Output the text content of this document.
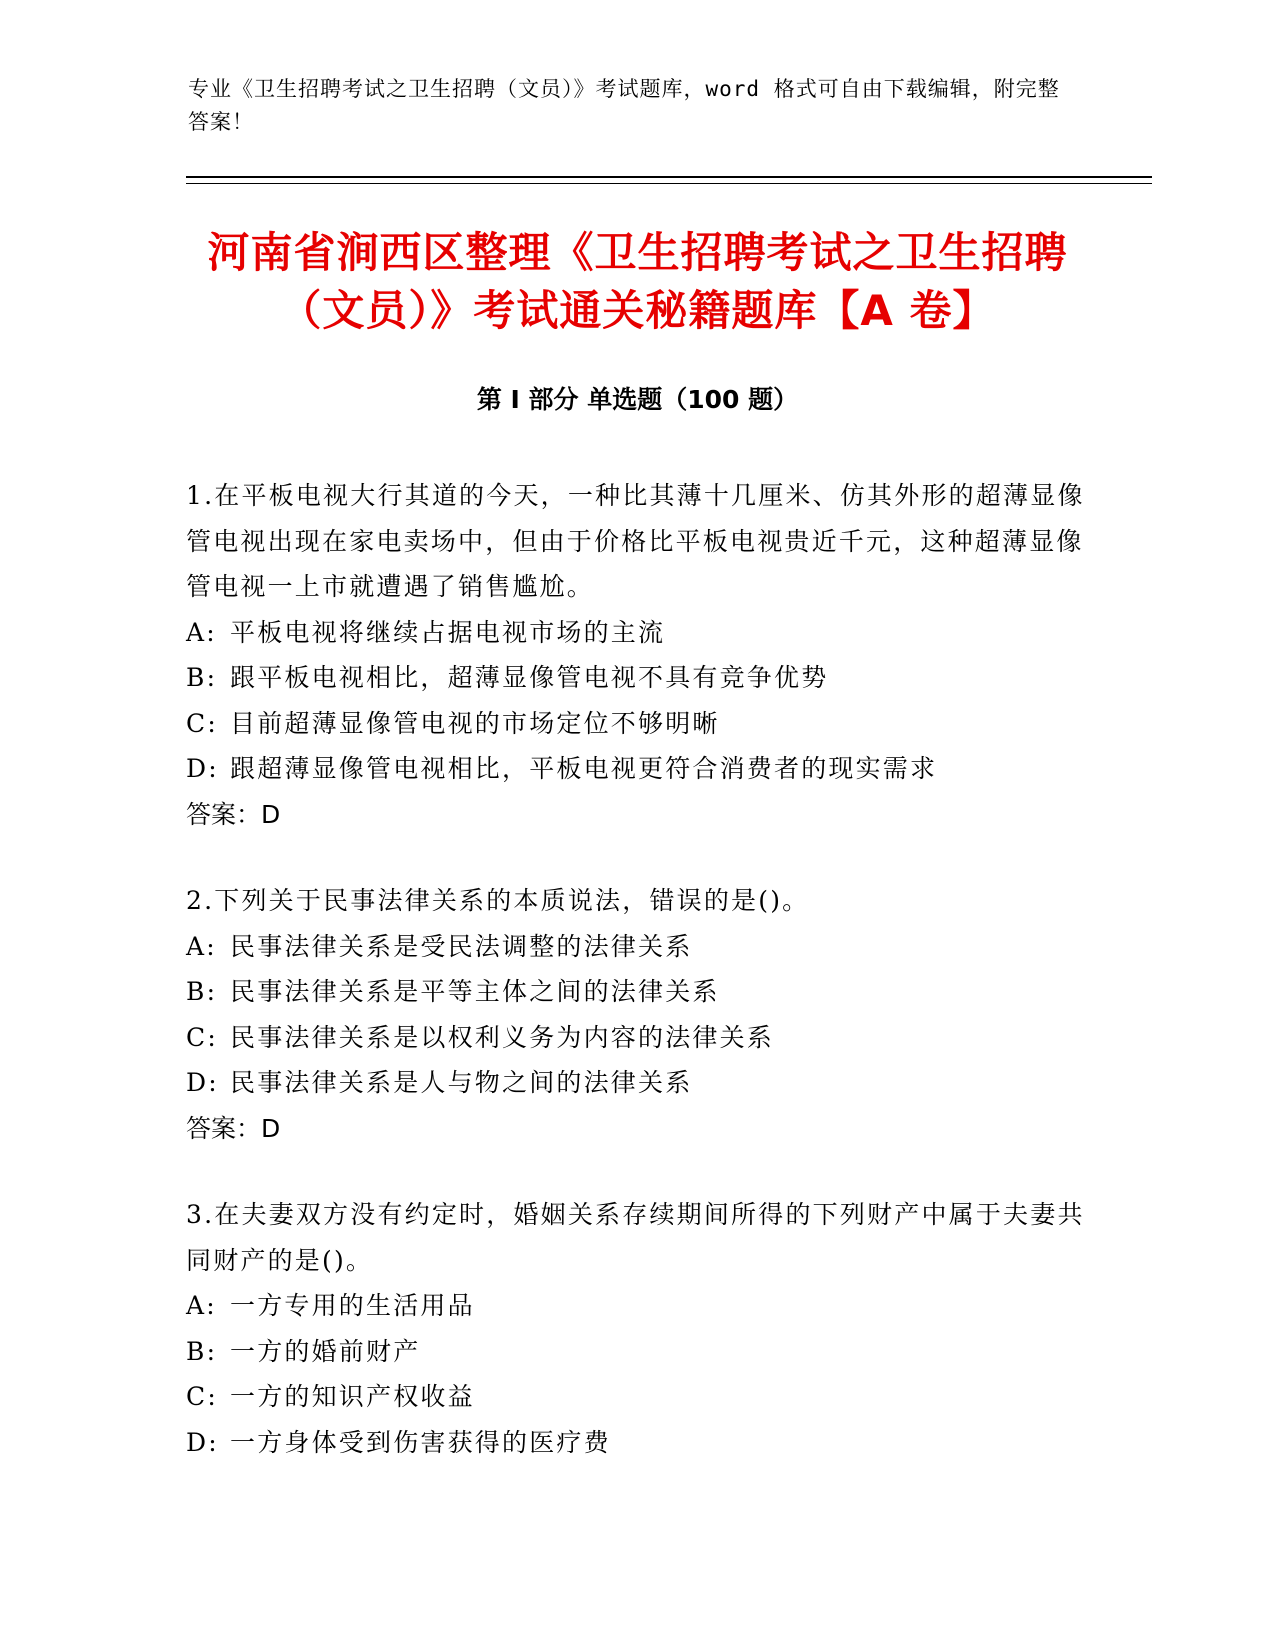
专业《卫生招聘考试之卫生招聘（文员）》考试题库，word 格式可自由下载编辑，附完整答案！

河南省涧西区整理《卫生招聘考试之卫生招聘（文员）》考试通关秘籍题库【A 卷】
第 I 部分 单选题（100 题）

1.在平板电视大行其道的今天，一种比其薄十几厘米、仿其外形的超薄显像管电视出现在家电卖场中，但由于价格比平板电视贵近千元，这种超薄显像管电视一上市就遭遇了销售尴尬。

A: 平板电视将继续占据电视市场的主流

B: 跟平板电视相比，超薄显像管电视不具有竞争优势

C: 目前超薄显像管电视的市场定位不够明晰

D: 跟超薄显像管电视相比，平板电视更符合消费者的现实需求

答案：D

2.下列关于民事法律关系的本质说法，错误的是()。

A: 民事法律关系是受民法调整的法律关系

B: 民事法律关系是平等主体之间的法律关系

C: 民事法律关系是以权利义务为内容的法律关系

D: 民事法律关系是人与物之间的法律关系

答案：D

3.在夫妻双方没有约定时，婚姻关系存续期间所得的下列财产中属于夫妻共同财产的是()。

A: 一方专用的生活用品

B: 一方的婚前财产

C: 一方的知识产权收益

D: 一方身体受到伤害获得的医疗费
